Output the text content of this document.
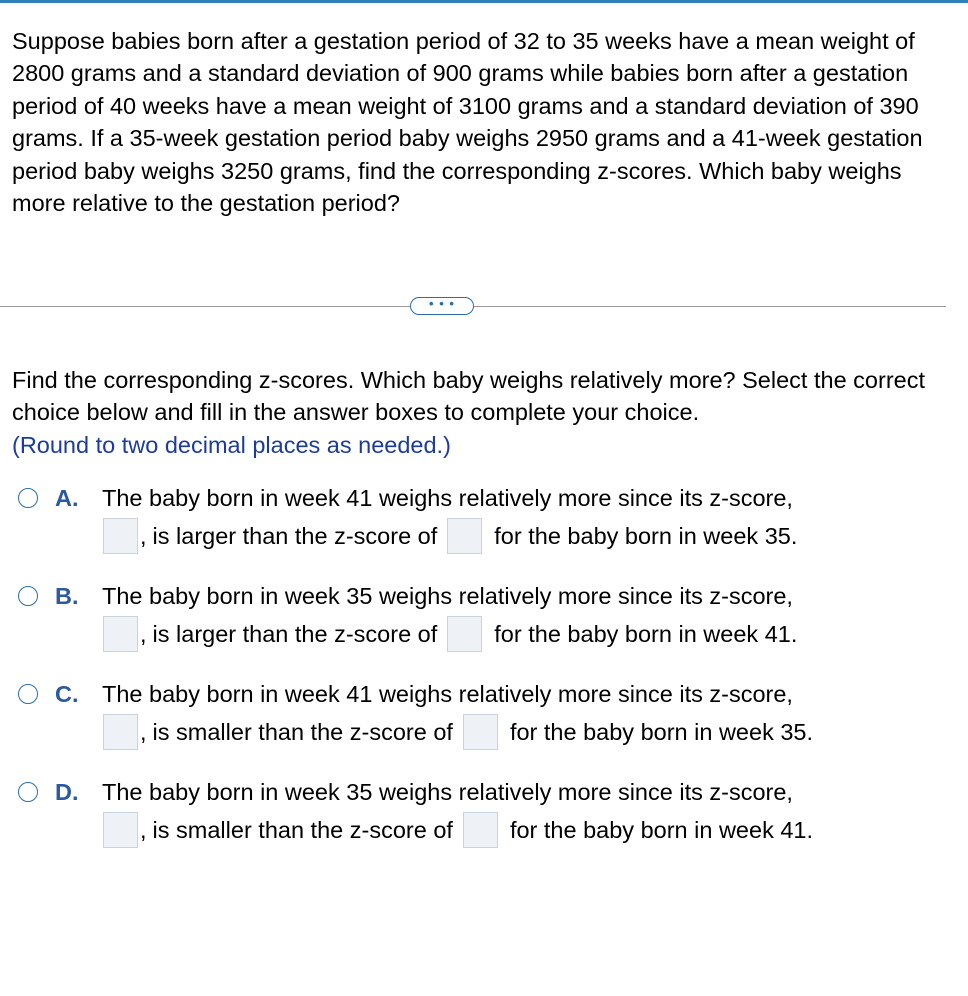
Suppose babies born after a gestation period of 32 to 35 weeks have a mean weight of 2800 grams and a standard deviation of 900 grams while babies born after a gestation period of 40 weeks have a mean weight of 3100 grams and a standard deviation of 390 grams. If a 35-week gestation period baby weighs 2950 grams and a 41-week gestation period baby weighs 3250 grams, find the corresponding z-scores. Which baby weighs more relative to the gestation period?
• • •
Find the corresponding z-scores. Which baby weighs relatively more? Select the correct choice below and fill in the answer boxes to complete your choice.
(Round to two decimal places as needed.)
A. The baby born in week 41 weighs relatively more since its z-score,
, is larger than the z-score of for the baby born in week 35.
B. The baby born in week 35 weighs relatively more since its z-score,
, is larger than the z-score of for the baby born in week 41.
C. The baby born in week 41 weighs relatively more since its z-score,
, is smaller than the z-score of for the baby born in week 35.
D. The baby born in week 35 weighs relatively more since its z-score,
, is smaller than the z-score of for the baby born in week 41.
